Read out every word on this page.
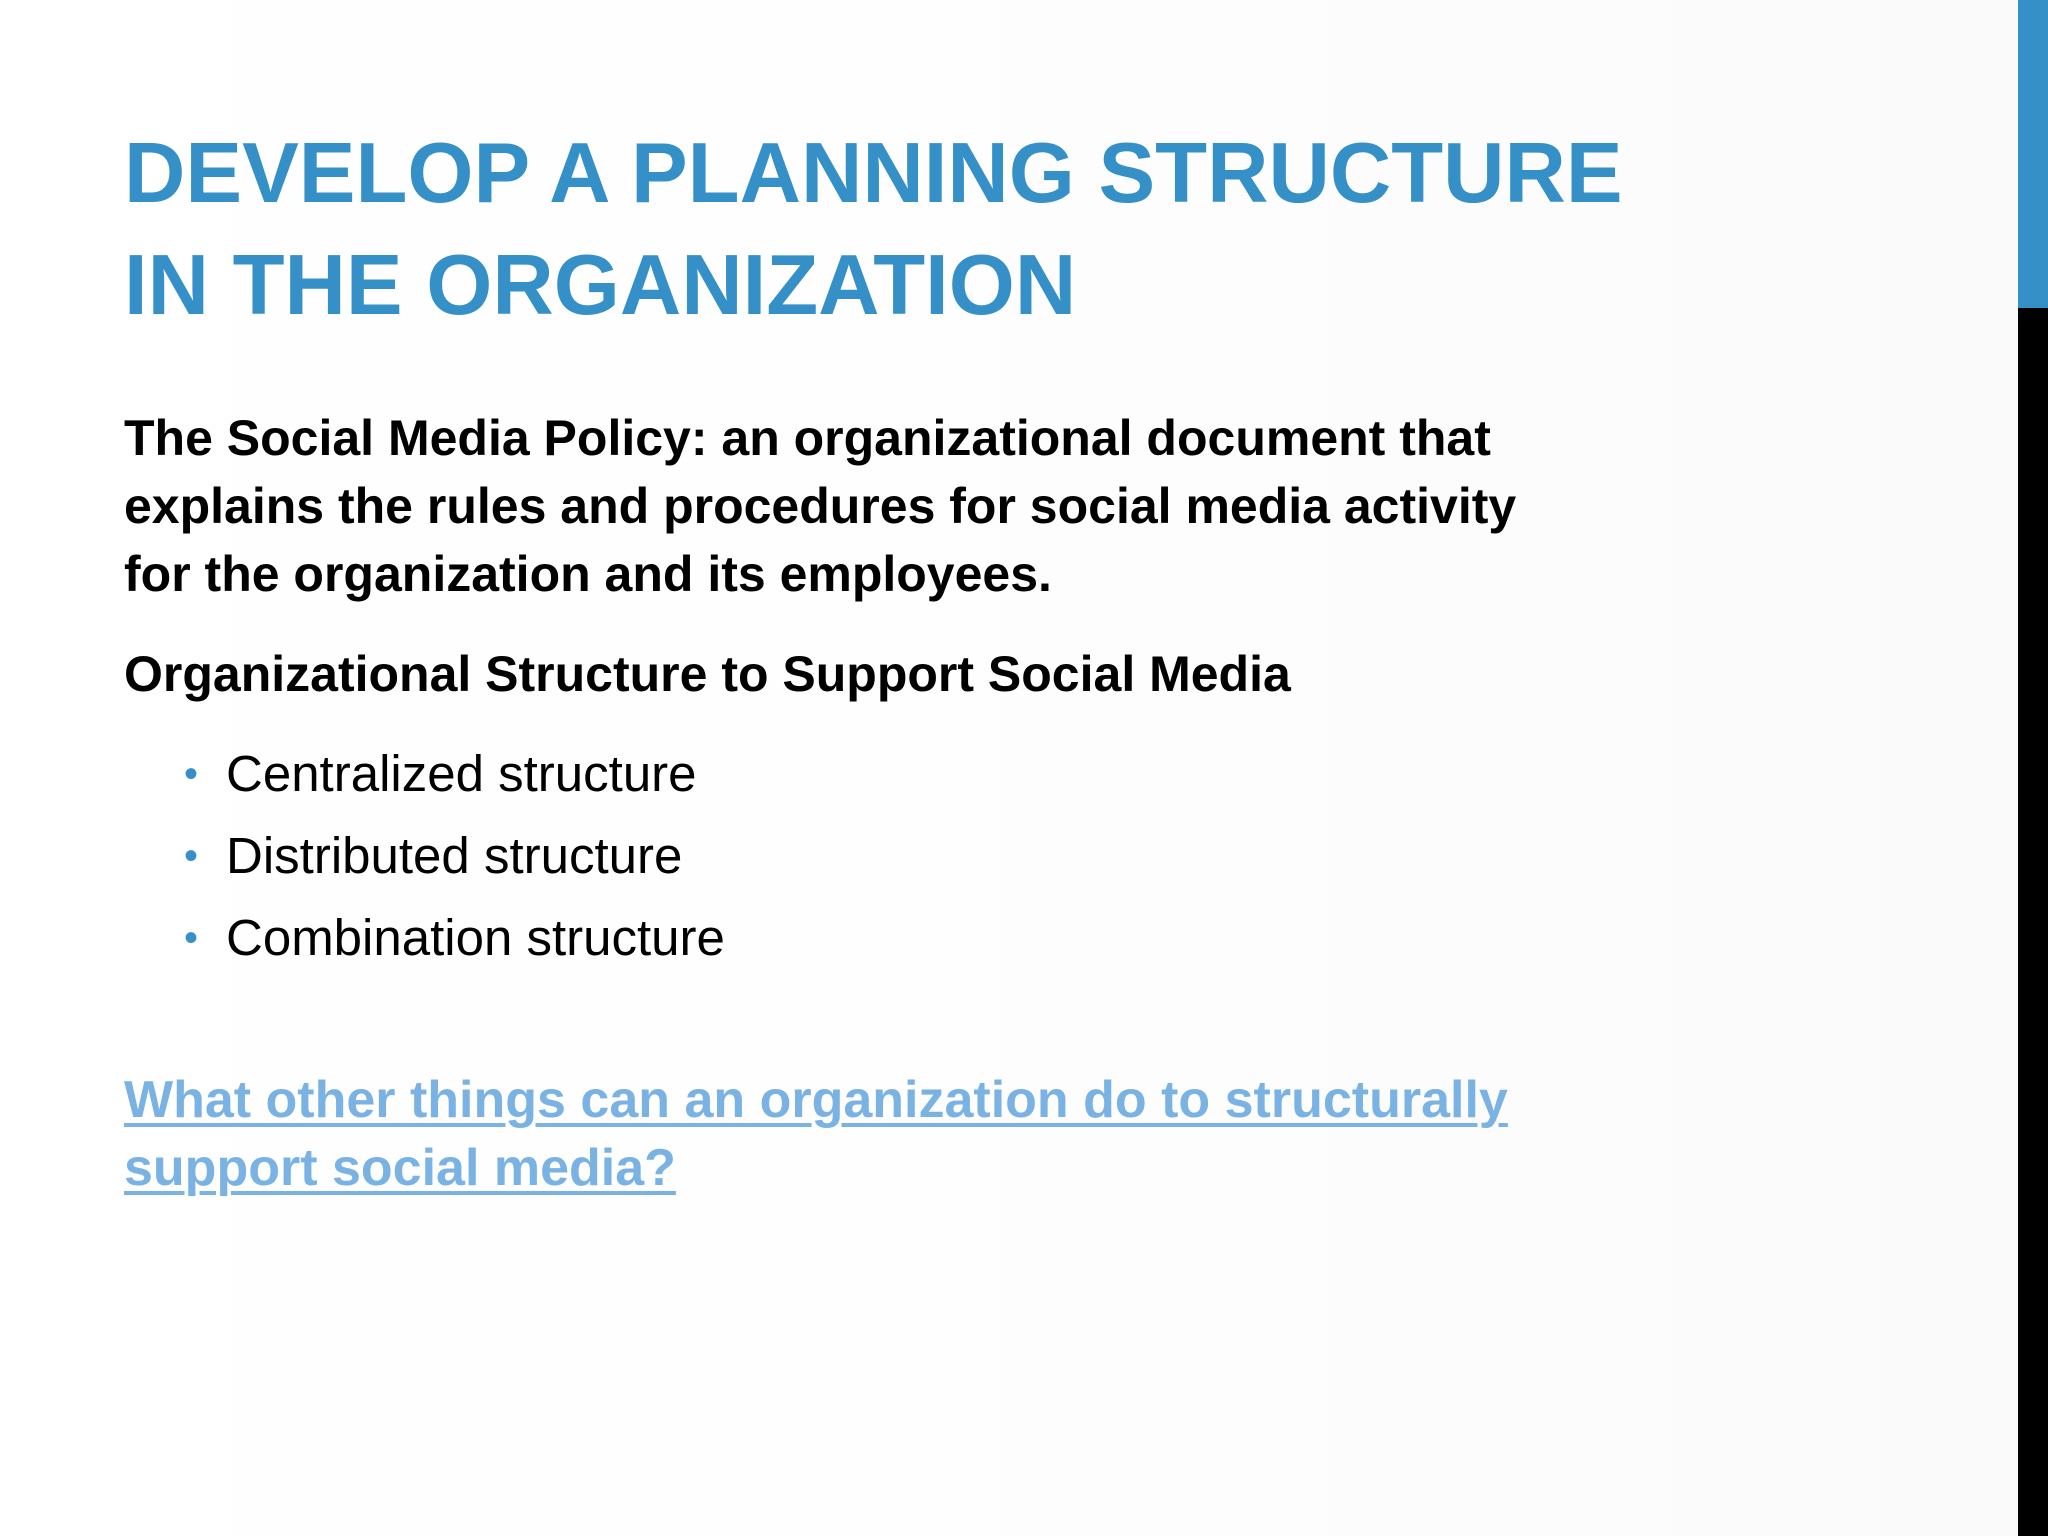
DEVELOP A PLANNING STRUCTURE
IN THE ORGANIZATION

The Social Media Policy: an organizational document that
explains the rules and procedures for social media activity
for the organization and its employees.

Organizational Structure to Support Social Media

• Centralized structure
• Distributed structure
• Combination structure
What other things can an organization do to structurally
support social media?
